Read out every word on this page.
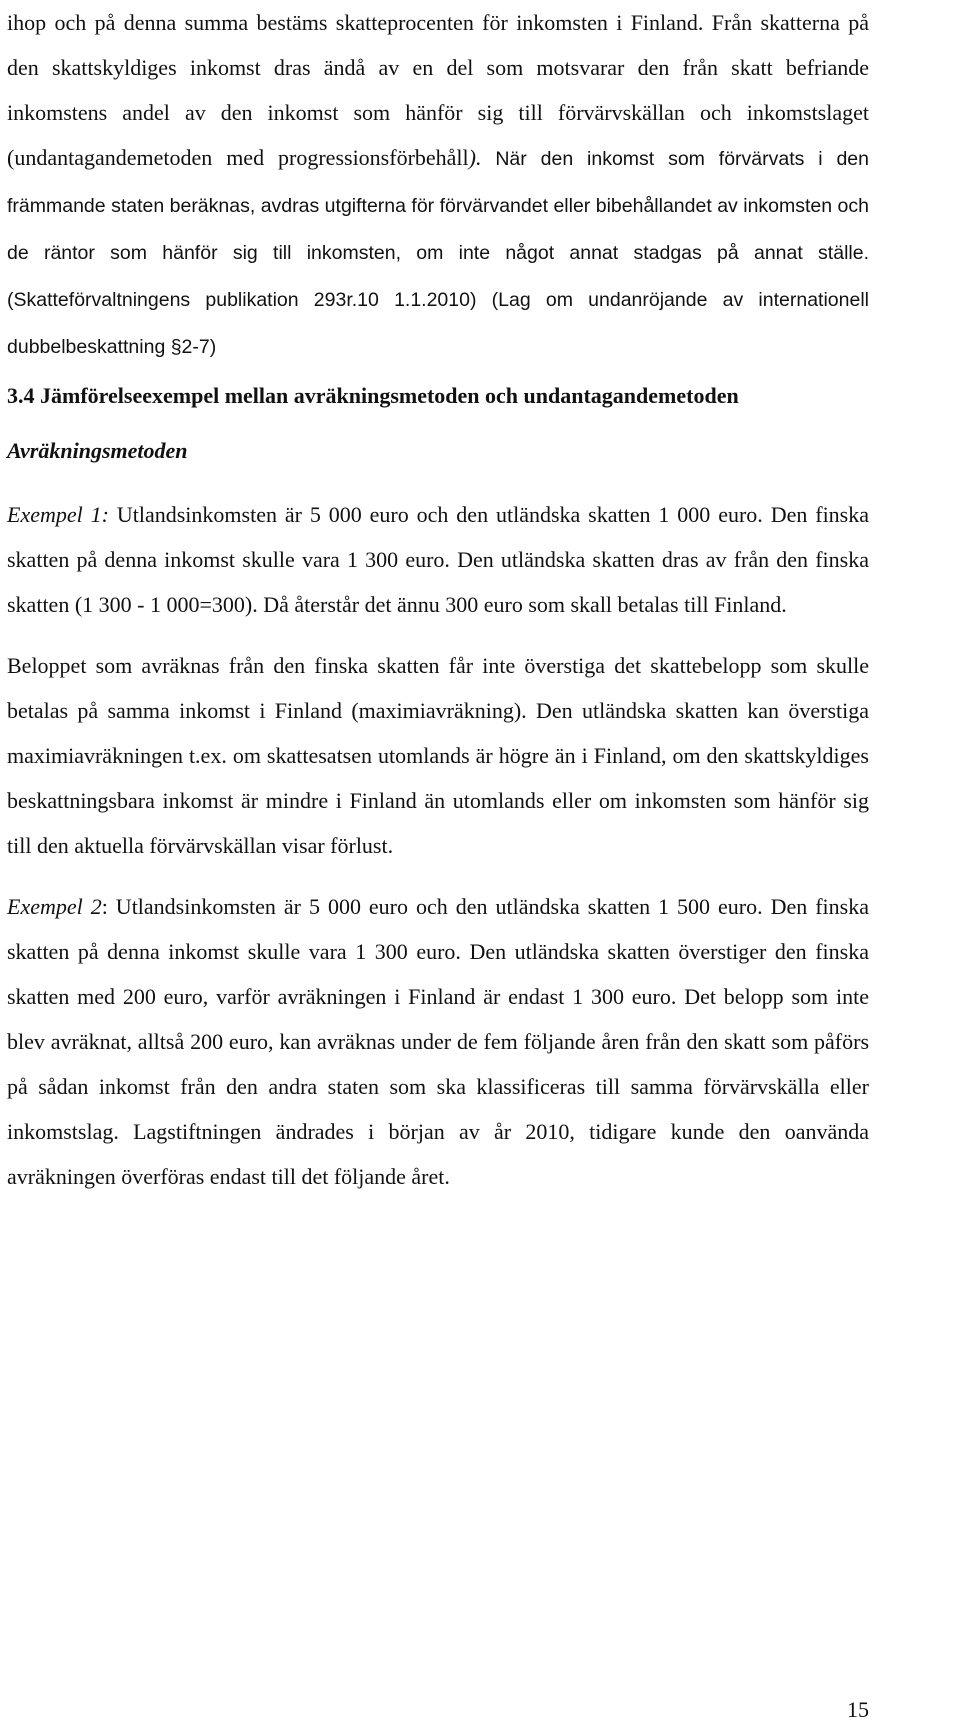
ihop och på denna summa bestäms skatteprocenten för inkomsten i Finland. Från skatterna på den skattskyldiges inkomst dras ändå av en del som motsvarar den från skatt befriande inkomstens andel av den inkomst som hänför sig till förvärvskällan och inkomstslaget (undantagandemetoden med progressionsförbehåll). När den inkomst som förvärvats i den främmande staten beräknas, avdras utgifterna för förvärvandet eller bibehållandet av inkomsten och de räntor som hänför sig till inkomsten, om inte något annat stadgas på annat ställe. (Skatteförvaltningens publikation 293r.10 1.1.2010) (Lag om undanröjande av internationell dubbelbeskattning §2-7)

3.4 Jämförelseexempel mellan avräkningsmetoden och undantagandemetoden
Avräkningsmetoden

Exempel 1: Utlandsinkomsten är 5 000 euro och den utländska skatten 1 000 euro. Den finska skatten på denna inkomst skulle vara 1 300 euro. Den utländska skatten dras av från den finska skatten (1 300 - 1 000=300). Då återstår det ännu 300 euro som skall betalas till Finland.

Beloppet som avräknas från den finska skatten får inte överstiga det skattebelopp som skulle betalas på samma inkomst i Finland (maximiavräkning). Den utländska skatten kan överstiga maximiavräkningen t.ex. om skattesatsen utomlands är högre än i Finland, om den skattskyldiges beskattningsbara inkomst är mindre i Finland än utomlands eller om inkomsten som hänför sig till den aktuella förvärvskällan visar förlust.

Exempel 2: Utlandsinkomsten är 5 000 euro och den utländska skatten 1 500 euro. Den finska skatten på denna inkomst skulle vara 1 300 euro. Den utländska skatten överstiger den finska skatten med 200 euro, varför avräkningen i Finland är endast 1 300 euro. Det belopp som inte blev avräknat, alltså 200 euro, kan avräknas under de fem följande åren från den skatt som påförs på sådan inkomst från den andra staten som ska klassificeras till samma förvärvskälla eller inkomstslag. Lagstiftningen ändrades i början av år 2010, tidigare kunde den oanvända avräkningen överföras endast till det följande året.

15
